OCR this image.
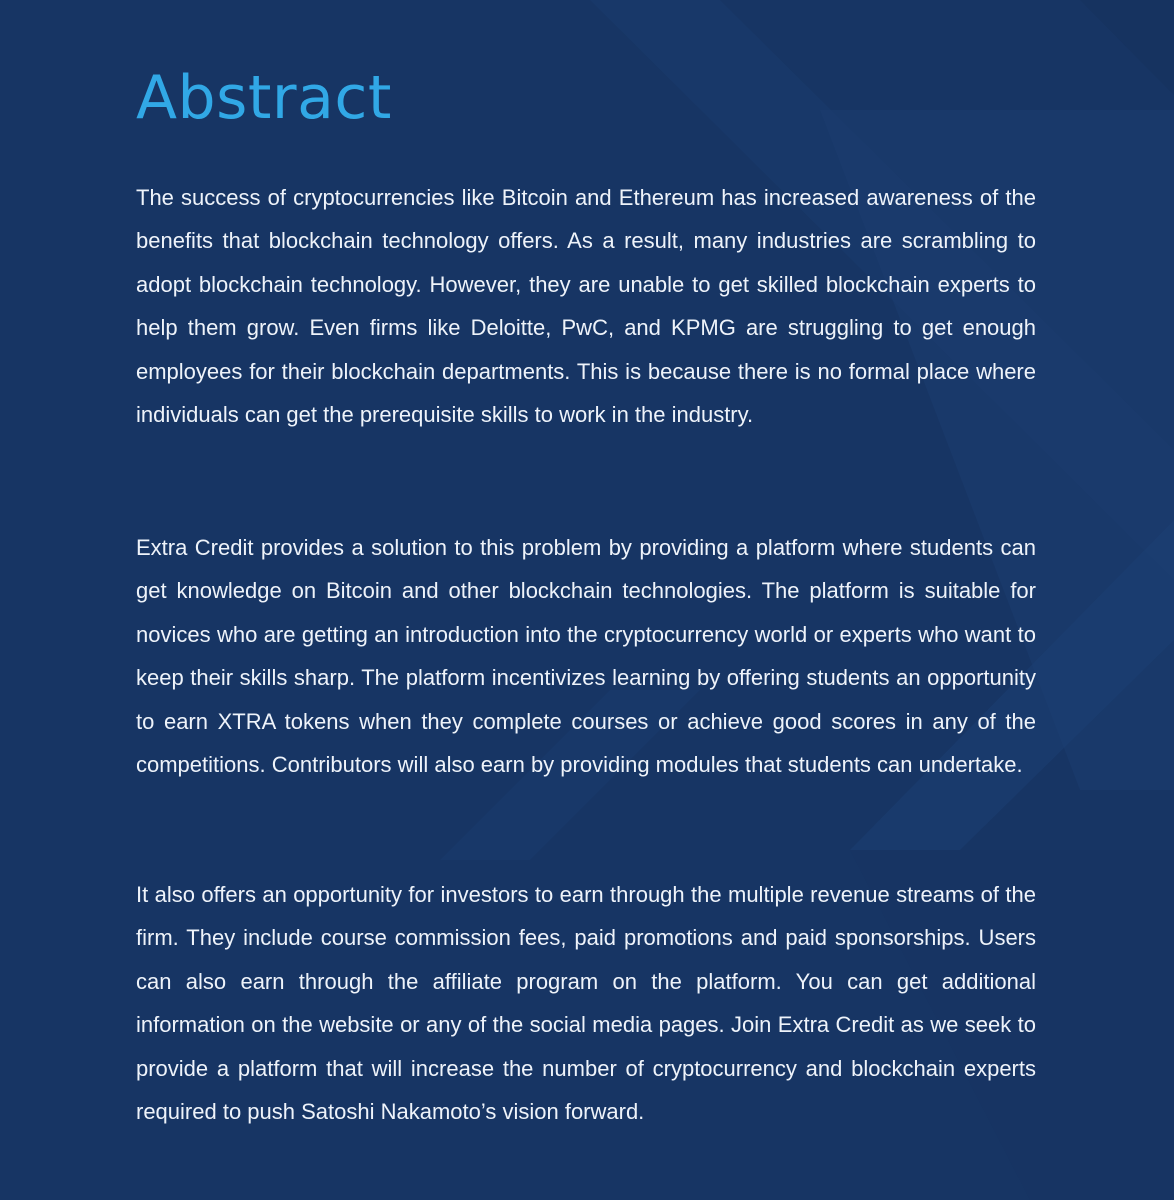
Abstract

The success of cryptocurrencies like Bitcoin and Ethereum has increased awareness of the benefits that blockchain technology offers. As a result, many industries are scrambling to adopt blockchain technology. However, they are unable to get skilled blockchain experts to help them grow. Even firms like Deloitte, PwC, and KPMG are struggling to get enough employees for their blockchain departments. This is because there is no formal place where individuals can get the prerequisite skills to work in the industry.

Extra Credit provides a solution to this problem by providing a platform where students can get knowledge on Bitcoin and other blockchain technologies. The platform is suitable for novices who are getting an introduction into the cryptocurrency world or experts who want to keep their skills sharp. The platform incentivizes learning by offering students an opportunity to earn XTRA tokens when they complete courses or achieve good scores in any of the competitions. Contributors will also earn by providing modules that students can undertake.

It also offers an opportunity for investors to earn through the multiple revenue streams of the firm. They include course commission fees, paid promotions and paid sponsorships. Users can also earn through the affiliate program on the platform. You can get additional information on the website or any of the social media pages. Join Extra Credit as we seek to provide a platform that will increase the number of cryptocurrency and blockchain experts required to push Satoshi Nakamoto’s vision forward.
